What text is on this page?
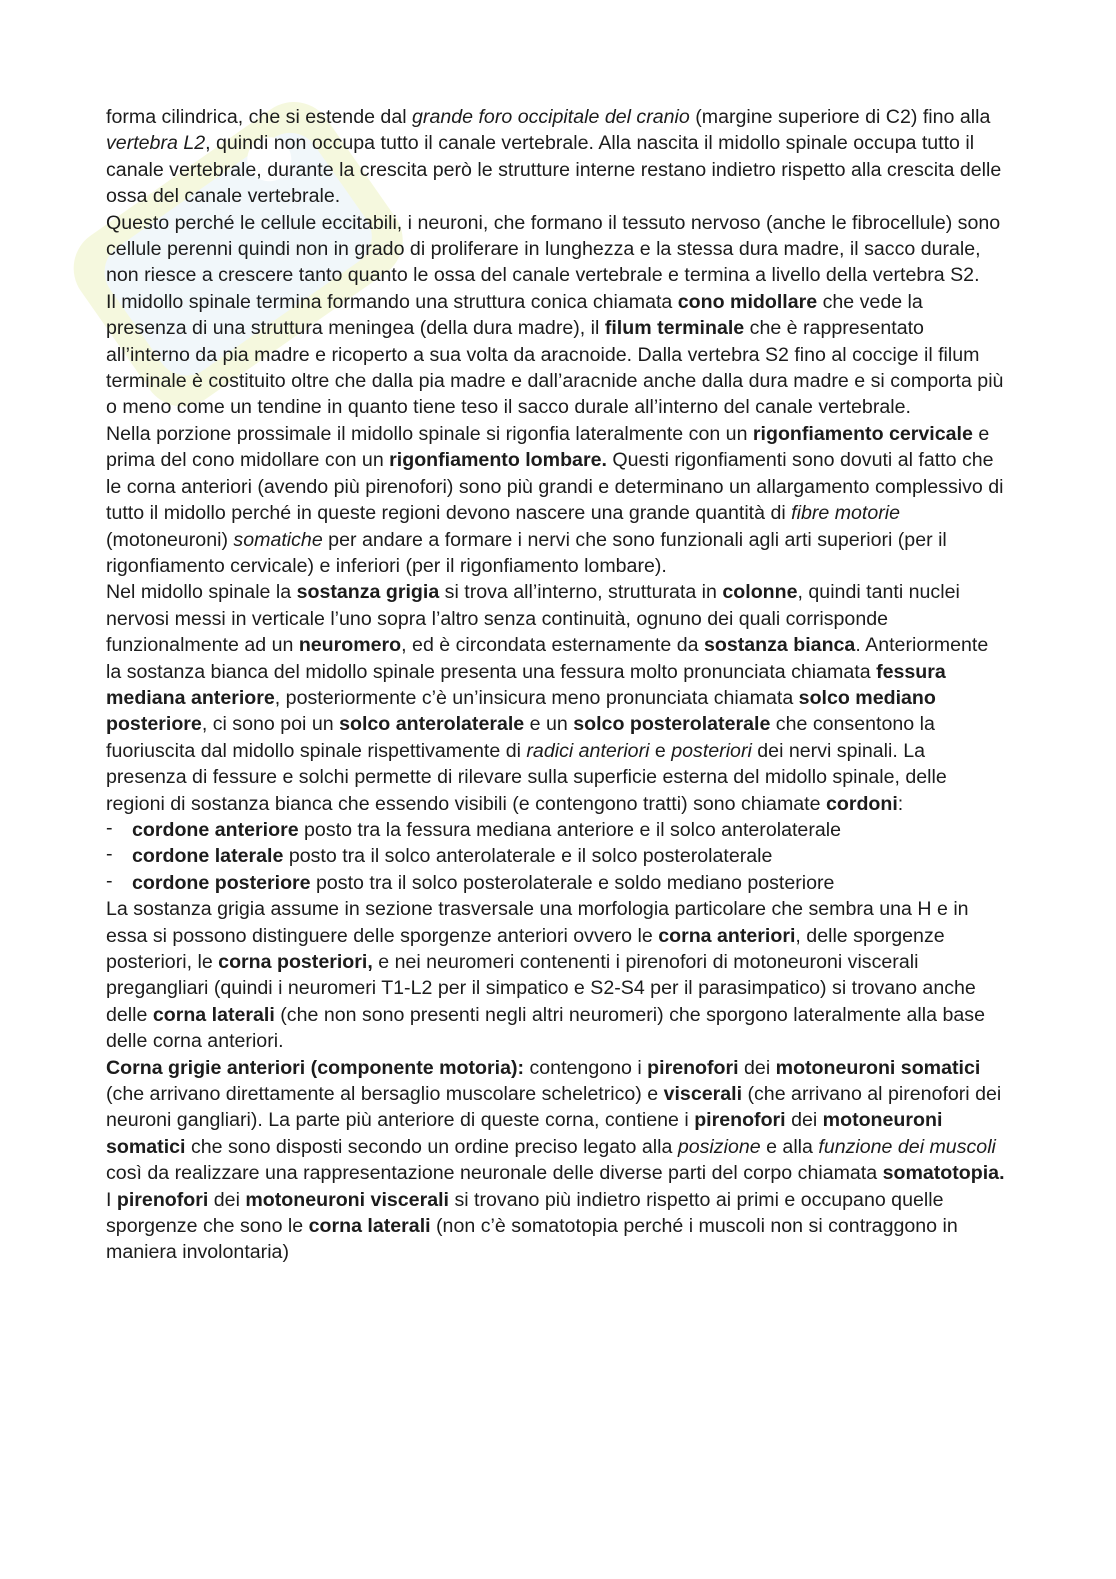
forma cilindrica, che si estende dal grande foro occipitale del cranio (margine superiore di C2) fino alla vertebra L2, quindi non occupa tutto il canale vertebrale. Alla nascita il midollo spinale occupa tutto il canale vertebrale, durante la crescita però le strutture interne restano indietro rispetto alla crescita delle ossa del canale vertebrale.

Questo perché le cellule eccitabili, i neuroni, che formano il tessuto nervoso (anche le fibrocellule) sono cellule perenni quindi non in grado di proliferare in lunghezza e la stessa dura madre, il sacco durale, non riesce a crescere tanto quanto le ossa del canale vertebrale e termina a livello della vertebra S2.

Il midollo spinale termina formando una struttura conica chiamata cono midollare che vede la presenza di una struttura meningea (della dura madre), il filum terminale che è rappresentato all’interno da pia madre e ricoperto a sua volta da aracnoide. Dalla vertebra S2 fino al coccige il filum terminale è costituito oltre che dalla pia madre e dall’aracnide anche dalla dura madre e si comporta più o meno come un tendine in quanto tiene teso il sacco durale all’interno del canale vertebrale.

Nella porzione prossimale il midollo spinale si rigonfia lateralmente con un rigonfiamento cervicale e prima del cono midollare con un rigonfiamento lombare. Questi rigonfiamenti sono dovuti al fatto che le corna anteriori (avendo più pirenofori) sono più grandi e determinano un allargamento complessivo di tutto il midollo perché in queste regioni devono nascere una grande quantità di fibre motorie (motoneuroni) somatiche per andare a formare i nervi che sono funzionali agli arti superiori (per il rigonfiamento cervicale) e inferiori (per il rigonfiamento lombare).

Nel midollo spinale la sostanza grigia si trova all’interno, strutturata in colonne, quindi tanti nuclei nervosi messi in verticale l’uno sopra l’altro senza continuità, ognuno dei quali corrisponde funzionalmente ad un neuromero, ed è circondata esternamente da sostanza bianca. Anteriormente la sostanza bianca del midollo spinale presenta una fessura molto pronunciata chiamata fessura mediana anteriore, posteriormente c’è un’insicura meno pronunciata chiamata solco mediano posteriore, ci sono poi un solco anterolaterale e un solco posterolaterale che consentono la fuoriuscita dal midollo spinale rispettivamente di radici anteriori e posteriori dei nervi spinali. La presenza di fessure e solchi permette di rilevare sulla superficie esterna del midollo spinale, delle regioni di sostanza bianca che essendo visibili (e contengono tratti) sono chiamate cordoni:

- cordone anteriore posto tra la fessura mediana anteriore e il solco anterolaterale
- cordone laterale posto tra il solco anterolaterale e il solco posterolaterale
- cordone posteriore posto tra il solco posterolaterale e soldo mediano posteriore

La sostanza grigia assume in sezione trasversale una morfologia particolare che sembra una H e in essa si possono distinguere delle sporgenze anteriori ovvero le corna anteriori, delle sporgenze posteriori, le corna posteriori, e nei neuromeri contenenti i pirenofori di motoneuroni viscerali pregangliari (quindi i neuromeri T1-L2 per il simpatico e S2-S4 per il parasimpatico) si trovano anche delle corna laterali (che non sono presenti negli altri neuromeri) che sporgono lateralmente alla base delle corna anteriori.

Corna grigie anteriori (componente motoria): contengono i pirenofori dei motoneuroni somatici (che arrivano direttamente al bersaglio muscolare scheletrico) e viscerali (che arrivano al pirenofori dei neuroni gangliari). La parte più anteriore di queste corna, contiene i pirenofori dei motoneuroni somatici che sono disposti secondo un ordine preciso legato alla posizione e alla funzione dei muscoli così da realizzare una rappresentazione neuronale delle diverse parti del corpo chiamata somatotopia. I pirenofori dei motoneuroni viscerali si trovano più indietro rispetto ai primi e occupano quelle sporgenze che sono le corna laterali (non c’è somatotopia perché i muscoli non si contraggono in maniera involontaria)
